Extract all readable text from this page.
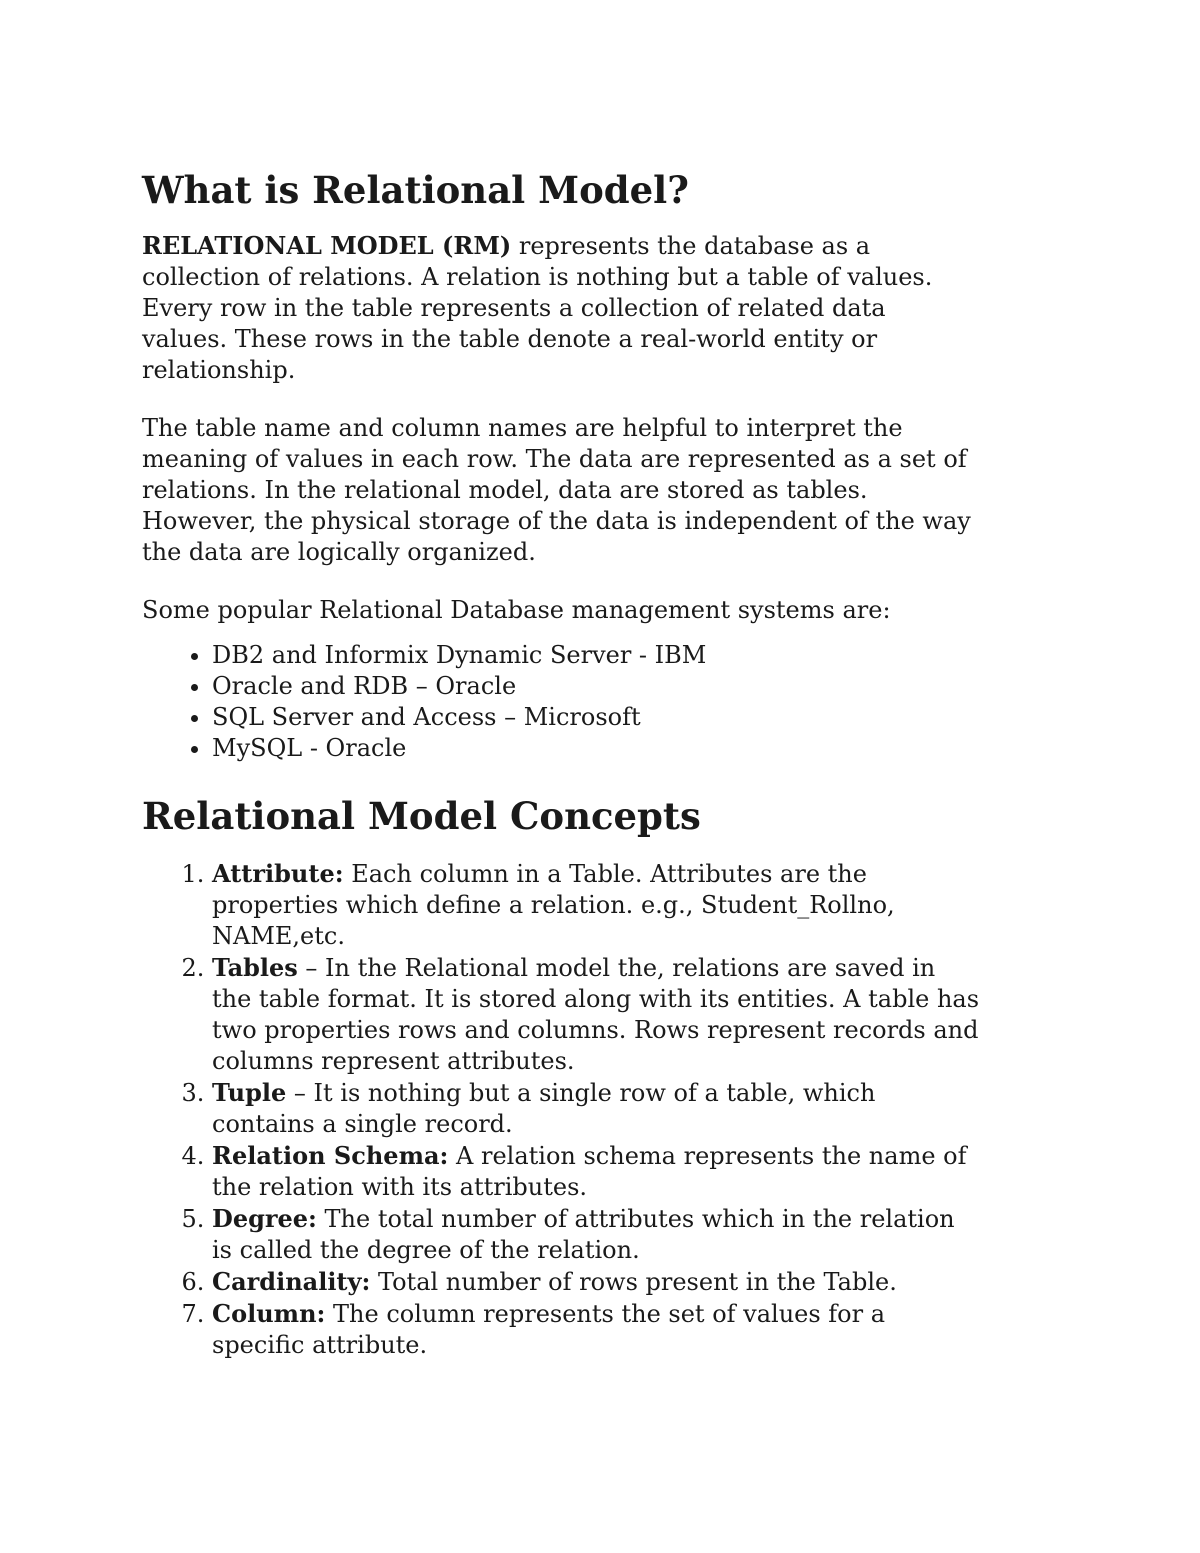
What is Relational Model?

RELATIONAL MODEL (RM) represents the database as a
collection of relations. A relation is nothing but a table of values.
Every row in the table represents a collection of related data
values. These rows in the table denote a real-world entity or
relationship.

The table name and column names are helpful to interpret the
meaning of values in each row. The data are represented as a set of
relations. In the relational model, data are stored as tables.
However, the physical storage of the data is independent of the way
the data are logically organized.

Some popular Relational Database management systems are:

• DB2 and Informix Dynamic Server - IBM
• Oracle and RDB – Oracle
• SQL Server and Access – Microsoft
• MySQL - Oracle
Relational Model Concepts
1. Attribute: Each column in a Table. Attributes are the
properties which define a relation. e.g., Student_Rollno,
NAME,etc.
2. Tables – In the Relational model the, relations are saved in
the table format. It is stored along with its entities. A table has
two properties rows and columns. Rows represent records and
columns represent attributes.
3. Tuple – It is nothing but a single row of a table, which
contains a single record.
4. Relation Schema: A relation schema represents the name of
the relation with its attributes.
5. Degree: The total number of attributes which in the relation
is called the degree of the relation.
6. Cardinality: Total number of rows present in the Table.
7. Column: The column represents the set of values for a
specific attribute.
